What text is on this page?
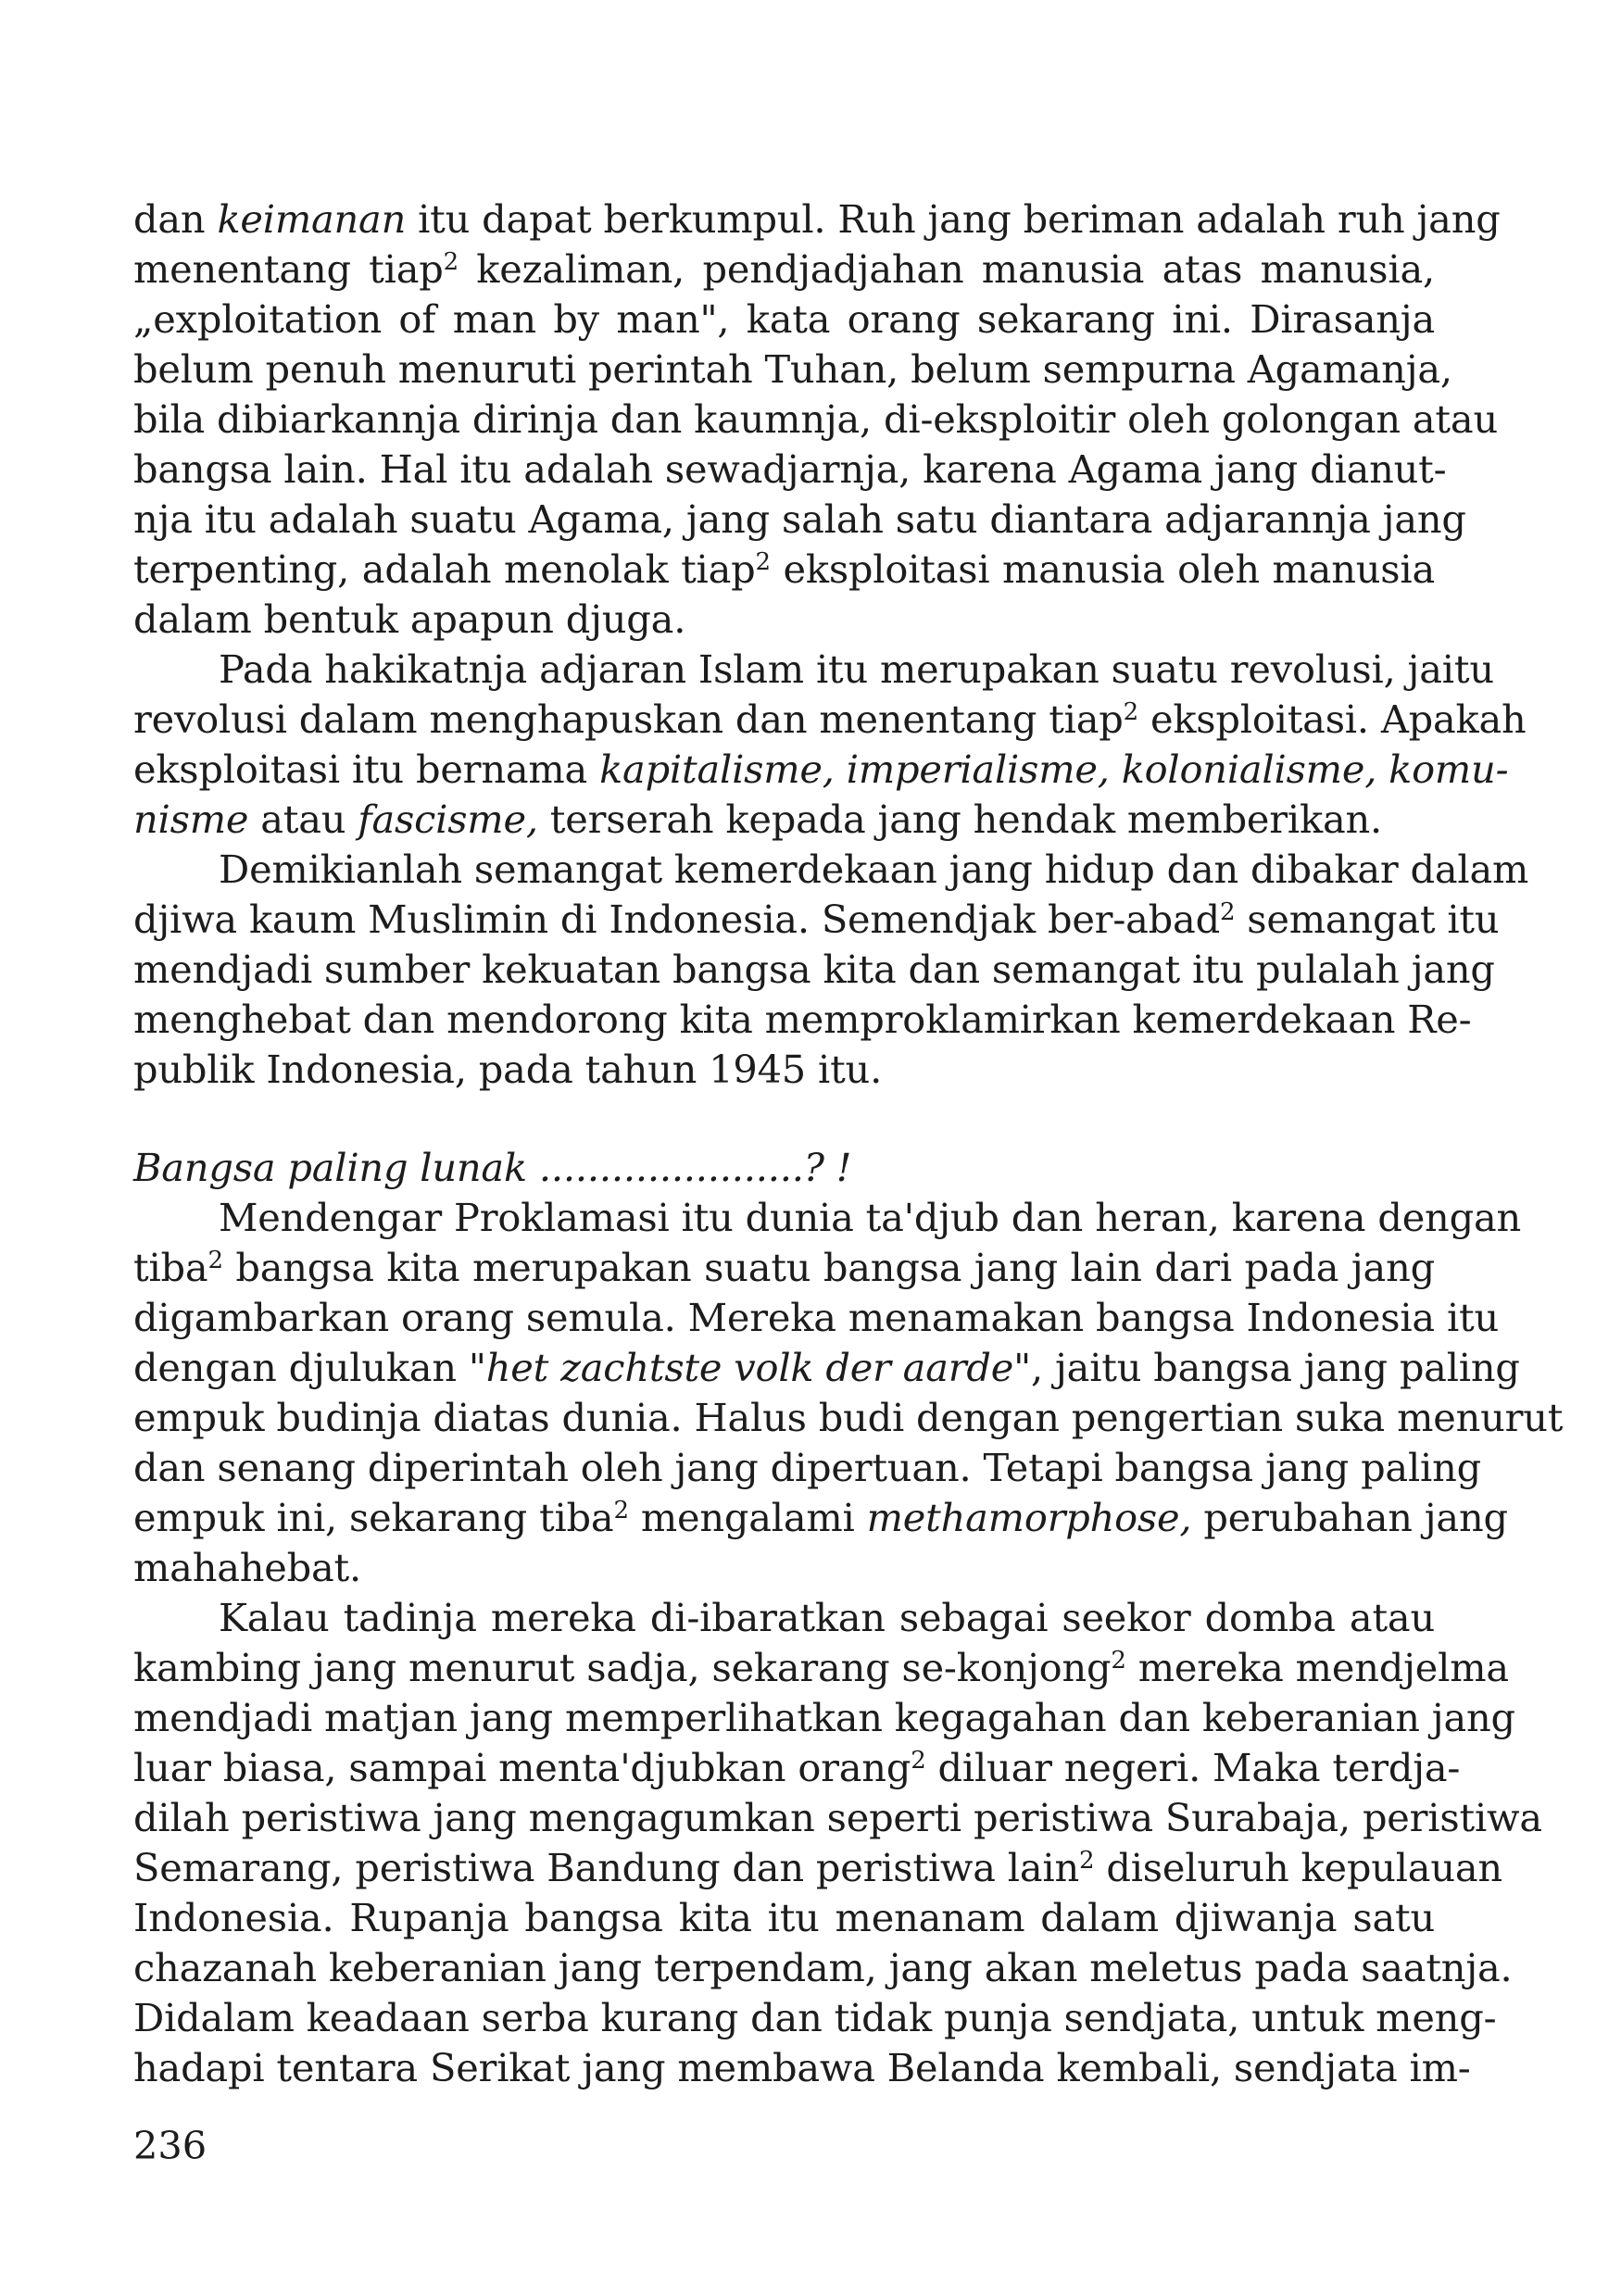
dan keimanan itu dapat berkumpul. Ruh jang beriman adalah ruh jang
menentang tiap$^2$ kezaliman, pendjadjahan manusia atas manusia,
„exploitation of man by man", kata orang sekarang ini. Dirasanja
belum penuh menuruti perintah Tuhan, belum sempurna Agamanja,
bila dibiarkannja dirinja dan kaumnja, di-eksploitir oleh golongan atau
bangsa lain. Hal itu adalah sewadjarnja, karena Agama jang dianut-
nja itu adalah suatu Agama, jang salah satu diantara adjarannja jang
terpenting, adalah menolak tiap$^2$ eksploitasi manusia oleh manusia
dalam bentuk apapun djuga.
Pada hakikatnja adjaran Islam itu merupakan suatu revolusi, jaitu
revolusi dalam menghapuskan dan menentang tiap$^2$ eksploitasi. Apakah
eksploitasi itu bernama kapitalisme, imperialisme, kolonialisme, komu-
nisme atau fascisme, terserah kepada jang hendak memberikan.
Demikianlah semangat kemerdekaan jang hidup dan dibakar dalam
djiwa kaum Muslimin di Indonesia. Semendjak ber-abad$^2$ semangat itu
mendjadi sumber kekuatan bangsa kita dan semangat itu pulalah jang
menghebat dan mendorong kita memproklamirkan kemerdekaan Re-
publik Indonesia, pada tahun 1945 itu.
Bangsa paling lunak ......................? !
Mendengar Proklamasi itu dunia ta'djub dan heran, karena dengan
tiba$^2$ bangsa kita merupakan suatu bangsa jang lain dari pada jang
digambarkan orang semula. Mereka menamakan bangsa Indonesia itu
dengan djulukan "het zachtste volk der aarde", jaitu bangsa jang paling
empuk budinja diatas dunia. Halus budi dengan pengertian suka menurut
dan senang diperintah oleh jang dipertuan. Tetapi bangsa jang paling
empuk ini, sekarang tiba$^2$ mengalami methamorphose, perubahan jang
mahahebat.
Kalau tadinja mereka di-ibaratkan sebagai seekor domba atau
kambing jang menurut sadja, sekarang se-konjong$^2$ mereka mendjelma
mendjadi matjan jang memperlihatkan kegagahan dan keberanian jang
luar biasa, sampai menta'djubkan orang$^2$ diluar negeri. Maka terdja-
dilah peristiwa jang mengagumkan seperti peristiwa Surabaja, peristiwa
Semarang, peristiwa Bandung dan peristiwa lain$^2$ diseluruh kepulauan
Indonesia. Rupanja bangsa kita itu menanam dalam djiwanja satu
chazanah keberanian jang terpendam, jang akan meletus pada saatnja.
Didalam keadaan serba kurang dan tidak punja sendjata, untuk meng-
hadapi tentara Serikat jang membawa Belanda kembali, sendjata im-
236
